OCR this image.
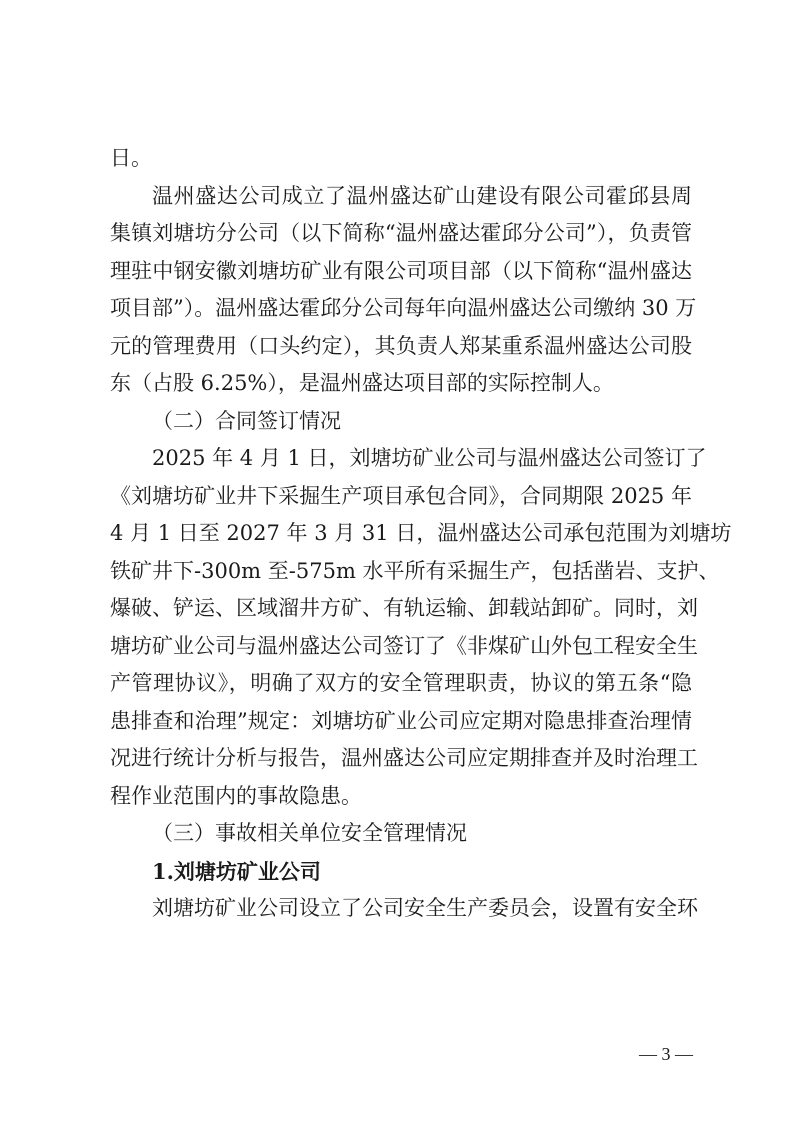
日。

温州盛达公司成立了温州盛达矿山建设有限公司霍邱县周

集镇刘塘坊分公司（以下简称“温州盛达霍邱分公司”），负责管

理驻中钢安徽刘塘坊矿业有限公司项目部（以下简称“温州盛达

项目部”）。温州盛达霍邱分公司每年向温州盛达公司缴纳 30 万

元的管理费用（口头约定），其负责人郑某重系温州盛达公司股

东（占股 6.25%），是温州盛达项目部的实际控制人。

（二）合同签订情况

2025 年 4 月 1 日，刘塘坊矿业公司与温州盛达公司签订了

《刘塘坊矿业井下采掘生产项目承包合同》，合同期限 2025 年

4 月 1 日至 2027 年 3 月 31 日，温州盛达公司承包范围为刘塘坊

铁矿井下-300m 至-575m 水平所有采掘生产，包括凿岩、支护、

爆破、铲运、区域溜井方矿、有轨运输、卸载站卸矿。同时，刘

塘坊矿业公司与温州盛达公司签订了《非煤矿山外包工程安全生

产管理协议》，明确了双方的安全管理职责，协议的第五条“隐

患排查和治理”规定：刘塘坊矿业公司应定期对隐患排查治理情

况进行统计分析与报告，温州盛达公司应定期排查并及时治理工

程作业范围内的事故隐患。

（三）事故相关单位安全管理情况

1.刘塘坊矿业公司

刘塘坊矿业公司设立了公司安全生产委员会，设置有安全环

— 3 —
